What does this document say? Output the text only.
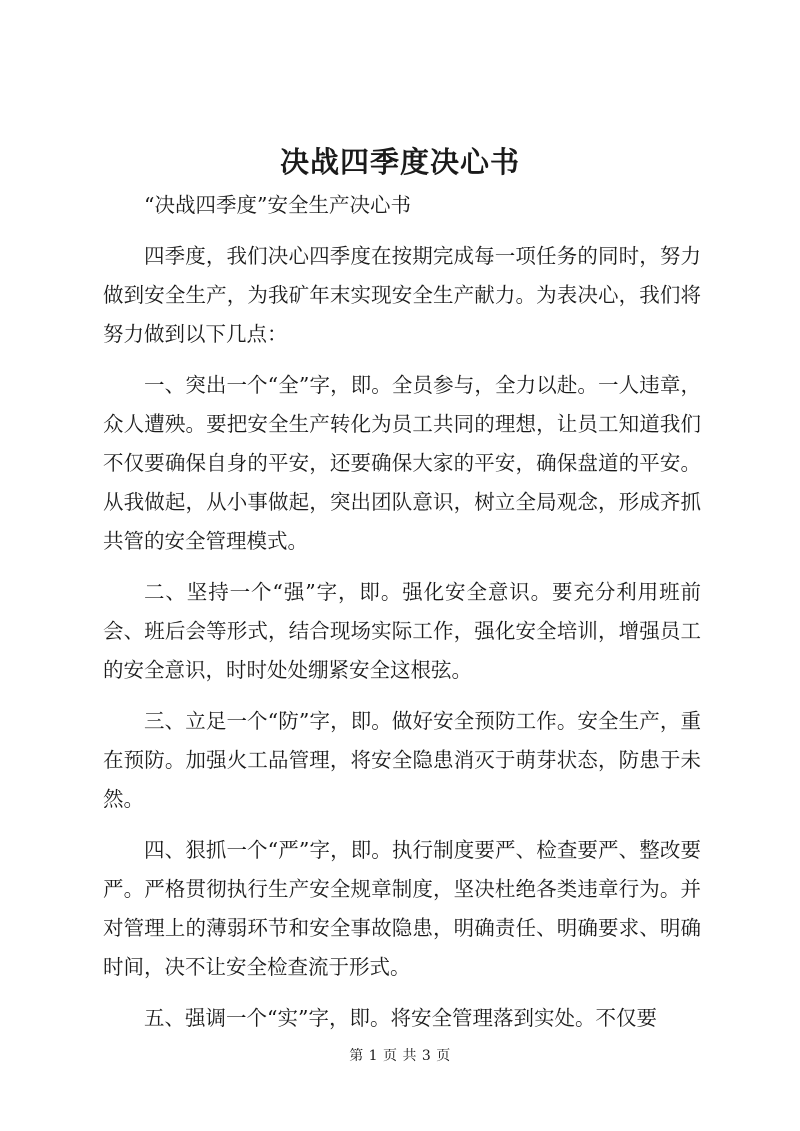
决战四季度决心书

“决战四季度”安全生产决心书

四季度，我们决心四季度在按期完成每一项任务的同时，努力做到安全生产，为我矿年末实现安全生产献力。为表决心，我们将努力做到以下几点：

一、突出一个“全”字，即。全员参与，全力以赴。一人违章，众人遭殃。要把安全生产转化为员工共同的理想，让员工知道我们不仅要确保自身的平安，还要确保大家的平安，确保盘道的平安。从我做起，从小事做起，突出团队意识，树立全局观念，形成齐抓共管的安全管理模式。

二、坚持一个“强”字，即。强化安全意识。要充分利用班前会、班后会等形式，结合现场实际工作，强化安全培训，增强员工的安全意识，时时处处绷紧安全这根弦。

三、立足一个“防”字，即。做好安全预防工作。安全生产，重在预防。加强火工品管理，将安全隐患消灭于萌芽状态，防患于未然。

四、狠抓一个“严”字，即。执行制度要严、检查要严、整改要严。严格贯彻执行生产安全规章制度，坚决杜绝各类违章行为。并对管理上的薄弱环节和安全事故隐患，明确责任、明确要求、明确时间，决不让安全检查流于形式。

五、强调一个“实”字，即。将安全管理落到实处。不仅要

第 1 页 共 3 页
